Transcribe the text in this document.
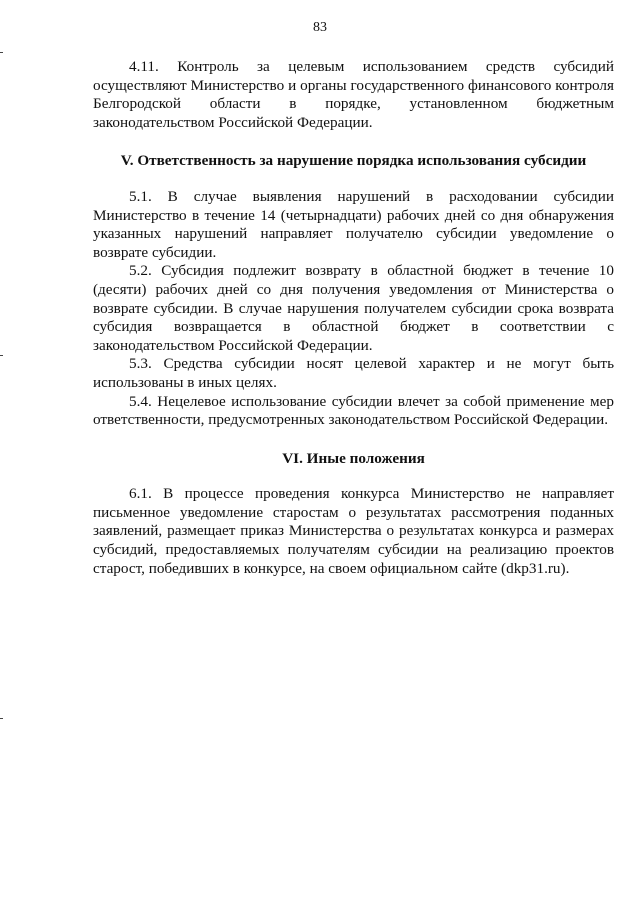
83

4.11. Контроль за целевым использованием средств субсидий осуществляют Министерство и органы государственного финансового контроля Белгородской области в порядке, установленном бюджетным законодательством Российской Федерации.

V. Ответственность за нарушение порядка использования субсидии

5.1. В случае выявления нарушений в расходовании субсидии Министерство в течение 14 (четырнадцати) рабочих дней со дня обнаружения указанных нарушений направляет получателю субсидии уведомление о возврате субсидии.

5.2. Субсидия подлежит возврату в областной бюджет в течение 10 (десяти) рабочих дней со дня получения уведомления от Министерства о возврате субсидии. В случае нарушения получателем субсидии срока возврата субсидия возвращается в областной бюджет в соответствии с законодательством Российской Федерации.

5.3. Средства субсидии носят целевой характер и не могут быть использованы в иных целях.

5.4. Нецелевое использование субсидии влечет за собой применение мер ответственности, предусмотренных законодательством Российской Федерации.

VI. Иные положения

6.1. В процессе проведения конкурса Министерство не направляет письменное уведомление старостам о результатах рассмотрения поданных заявлений, размещает приказ Министерства о результатах конкурса и размерах субсидий, предоставляемых получателям субсидии на реализацию проектов старост, победивших в конкурсе, на своем официальном сайте (dkp31.ru).
